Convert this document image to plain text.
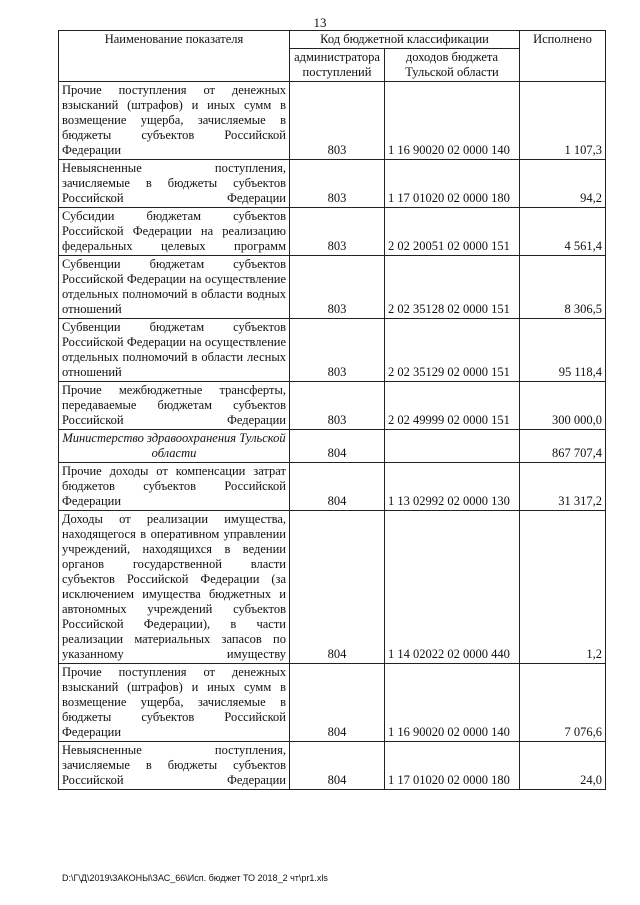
13
Наименование показателя	Код бюджетной классификации		Исполнено
	администратора поступлений	доходов бюджета Тульской области	
Прочие поступления от денежных взысканий (штрафов) и иных сумм в возмещение ущерба, зачисляемые в бюджеты субъектов Российской Федерации	803	1 16 90020 02 0000 140	1 107,3
Невыясненные поступления, зачисляемые в бюджеты субъектов Российской Федерации	803	1 17 01020 02 0000 180	94,2
Субсидии бюджетам субъектов Российской Федерации на реализацию федеральных целевых программ	803	2 02 20051 02 0000 151	4 561,4
Субвенции бюджетам субъектов Российской Федерации на осуществление отдельных полномочий в области водных отношений	803	2 02 35128 02 0000 151	8 306,5
Субвенции бюджетам субъектов Российской Федерации на осуществление отдельных полномочий в области лесных отношений	803	2 02 35129 02 0000 151	95 118,4
Прочие межбюджетные трансферты, передаваемые бюджетам субъектов Российской Федерации	803	2 02 49999 02 0000 151	300 000,0
Министерство здравоохранения Тульской области	804		867 707,4
Прочие доходы от компенсации затрат бюджетов субъектов Российской Федерации	804	1 13 02992 02 0000 130	31 317,2
Доходы от реализации имущества, находящегося в оперативном управлении учреждений, находящихся в ведении органов государственной власти субъектов Российской Федерации (за исключением имущества бюджетных и автономных учреждений субъектов Российской Федерации), в части реализации материальных запасов по указанному имуществу	804	1 14 02022 02 0000 440	1,2
Прочие поступления от денежных взысканий (штрафов) и иных сумм в возмещение ущерба, зачисляемые в бюджеты субъектов Российской Федерации	804	1 16 90020 02 0000 140	7 076,6
Невыясненные поступления, зачисляемые в бюджеты субъектов Российской Федерации	804	1 17 01020 02 0000 180	24,0
D:\Г\Д\2019\ЗАКОНЫ\ЗАС_66\Исп. бюджет ТО 2018_2 чт\pr1.xls
